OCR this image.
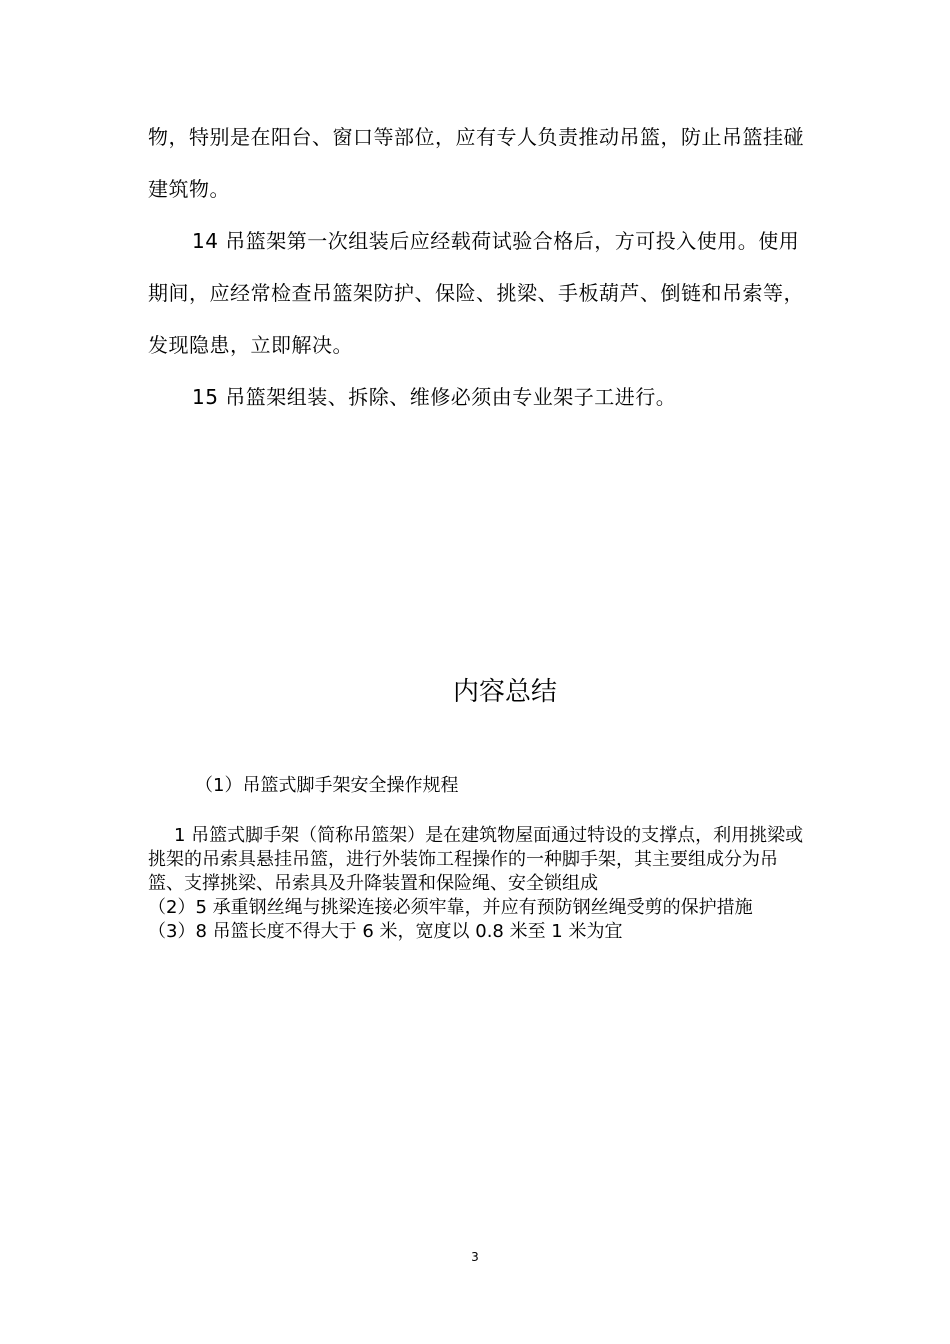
物，特别是在阳台、窗口等部位，应有专人负责推动吊篮，防止吊篮挂碰建筑物。

14 吊篮架第一次组装后应经载荷试验合格后，方可投入使用。使用期间，应经常检查吊篮架防护、保险、挑梁、手板葫芦、倒链和吊索等，发现隐患，立即解决。

15 吊篮架组装、拆除、维修必须由专业架子工进行。

内容总结
（1）吊篮式脚手架安全操作规程

1 吊篮式脚手架（简称吊篮架）是在建筑物屋面通过特设的支撑点，利用挑梁或挑架的吊索具悬挂吊篮，进行外装饰工程操作的一种脚手架，其主要组成分为吊篮、支撑挑梁、吊索具及升降装置和保险绳、安全锁组成

（2）5 承重钢丝绳与挑梁连接必须牢靠，并应有预防钢丝绳受剪的保护措施

（3）8 吊篮长度不得大于 6 米，宽度以 0.8 米至 1 米为宜

3
